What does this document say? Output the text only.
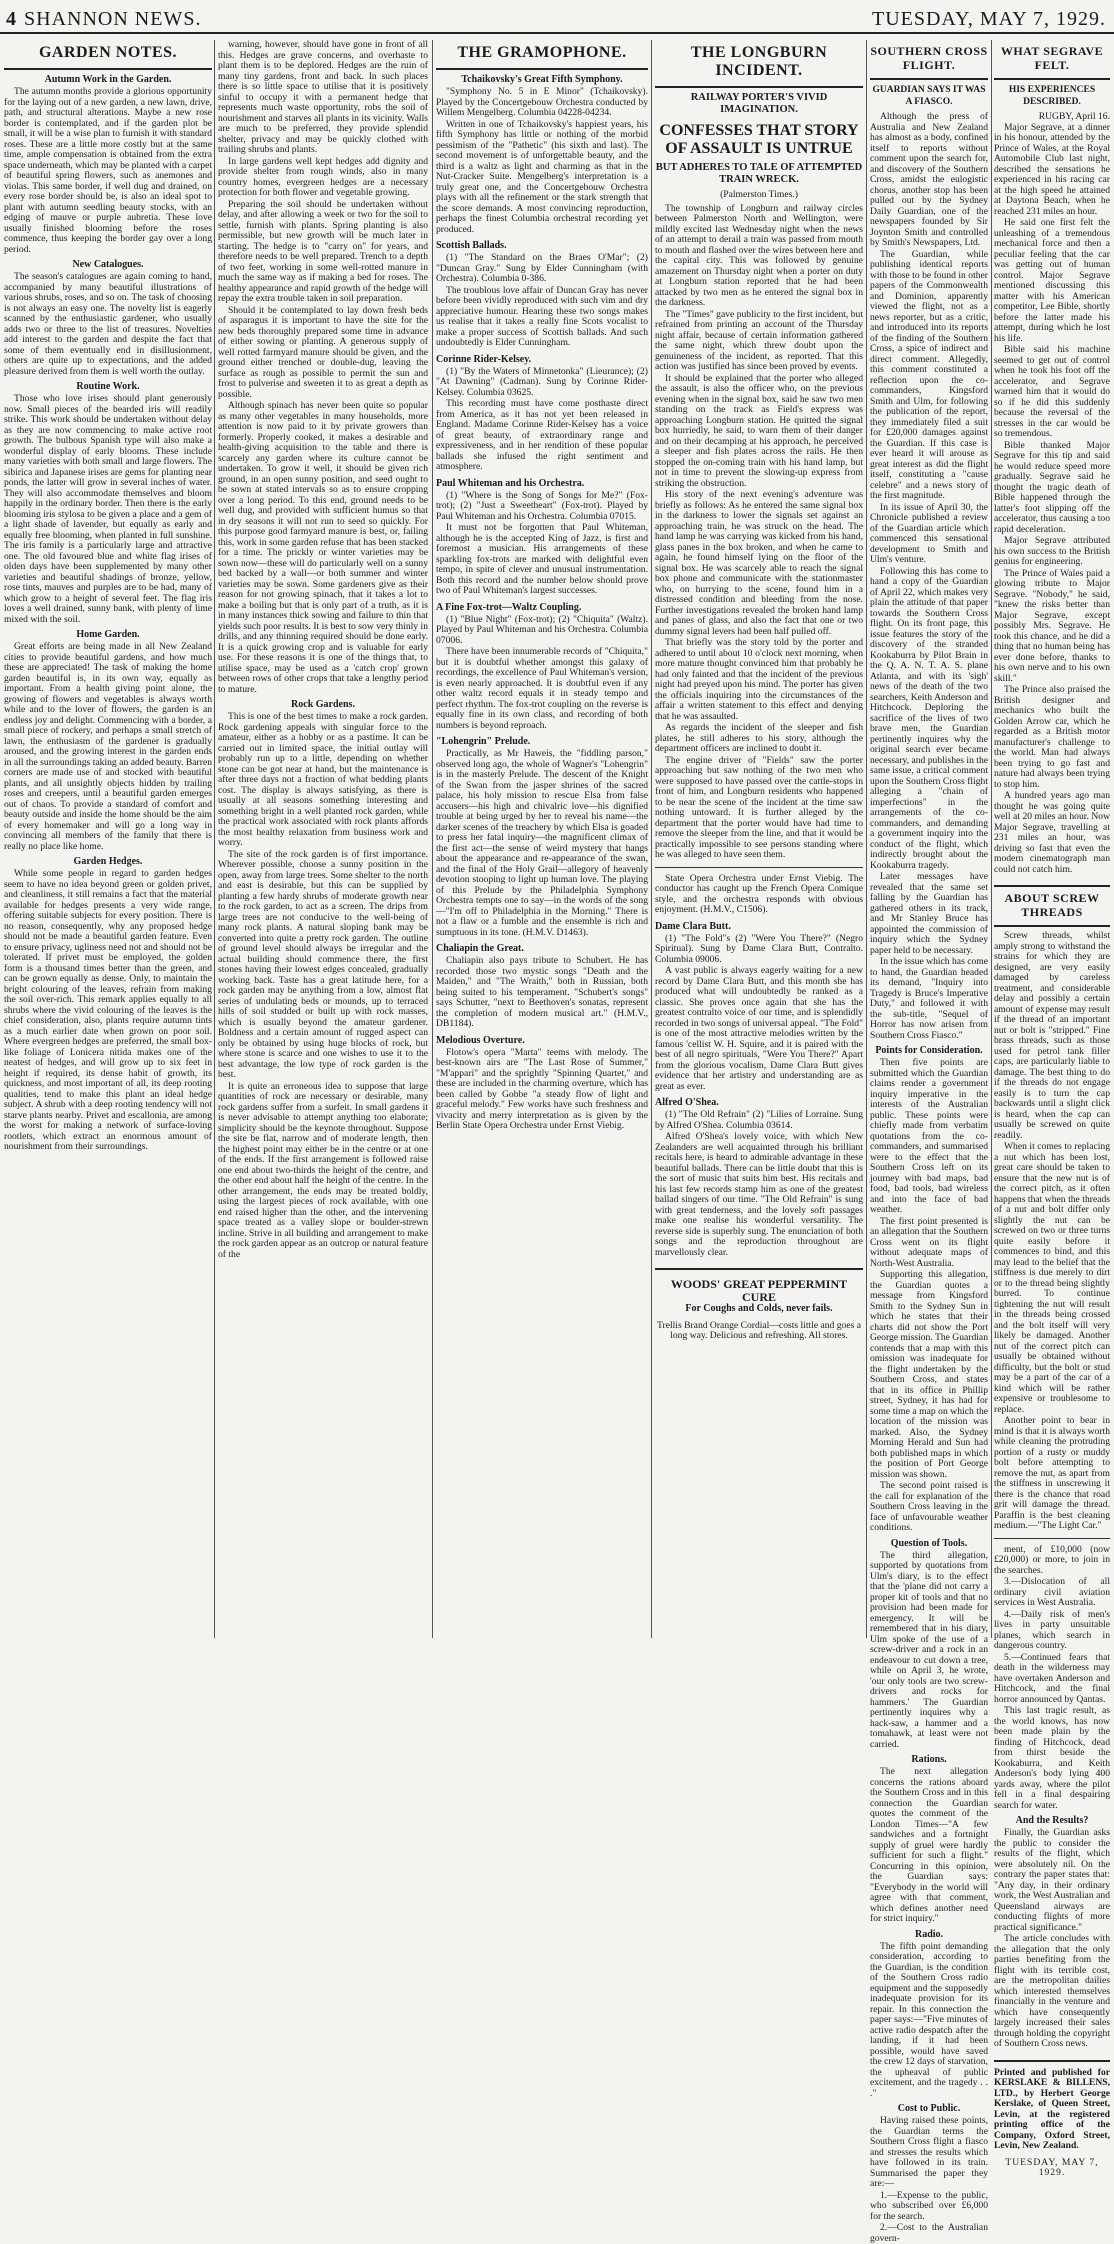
4 SHANNON NEWS.	TUESDAY, MAY 7, 1929.
GARDEN NOTES.
Autumn Work in the Garden.

The autumn months provide a glorious opportunity for the laying out of a new garden, a new lawn, drive, path, and structural alterations. Maybe a new rose border is contemplated, and if the garden plot be small, it will be a wise plan to furnish it with standard roses. These are a little more costly but at the same time, ample compensation is obtained from the extra space underneath, which may be planted with a carpet of beautiful spring flowers, such as anemones and violas. This same border, if well dug and drained, on every rose border should be, is also an ideal spot to plant with autumn seedling beauty stocks, with an edging of mauve or purple aubretia. These love usually finished blooming before the roses commence, thus keeping the border gay over a long period.

New Catalogues.

The season's catalogues are again coming to hand, accompanied by many beautiful illustrations of various shrubs, roses, and so on. The task of choosing is not always an easy one. The novelty list is eagerly scanned by the enthusiastic gardener, who usually adds two or three to the list of treasures. Novelties add interest to the garden and despite the fact that some of them eventually end in disillusionment, others are quite up to expectations, and the added pleasure derived from them is well worth the outlay.

Routine Work.

Those who love irises should plant generously now. Small pieces of the bearded iris will readily strike. This work should be undertaken without delay as they are now commencing to make active root growth. The bulbous Spanish type will also make a wonderful display of early blooms. These include many varieties with both small and large flowers. The sibirica and Japanese irises are gems for planting near ponds, the latter will grow in several inches of water. They will also accommodate themselves and bloom happily in the ordinary border. Then there is the early blooming iris stylosa to be given a place and a gem of a light shade of lavender, but equally as early and equally free blooming, when planted in full sunshine. The iris family is a particularly large and attractive one. The old favoured blue and white flag irises of olden days have been supplemented by many other varieties and beautiful shadings of bronze, yellow, rose tints, mauves and purples are to be had, many of which grow to a height of several feet. The flag iris loves a well drained, sunny bank, with plenty of lime mixed with the soil.

Home Garden.

Great efforts are being made in all New Zealand cities to provide beautiful gardens, and how much these are appreciated! The task of making the home garden beautiful is, in its own way, equally as important. From a health giving point alone, the growing of flowers and vegetables is always worth while and to the lover of flowers, the garden is an endless joy and delight. Commencing with a border, a small piece of rockery, and perhaps a small stretch of lawn, the enthusiasm of the gardener is gradually aroused, and the growing interest in the garden ends in all the surroundings taking an added beauty. Barren corners are made use of and stocked with beautiful plants, and all unsightly objects hidden by trailing roses and creepers, until a beautiful garden emerges out of chaos. To provide a standard of comfort and beauty outside and inside the home should be the aim of every homemaker and will go a long way in convincing all members of the family that there is really no place like home.

Garden Hedges.

While some people in regard to garden hedges seem to have no idea beyond green or golden privet, and cleanliness, it still remains a fact that the material available for hedges presents a very wide range, offering suitable subjects for every position. There is no reason, consequently, why any proposed hedge should not be made a beautiful garden feature. Even to ensure privacy, ugliness need not and should not be tolerated. If privet must be employed, the golden form is a thousand times better than the green, and can be grown equally as dense. Only, to maintain the bright colouring of the leaves, refrain from making the soil over-rich. This remark applies equally to all shrubs where the vivid colouring of the leaves is the chief consideration, also, plants require autumn tints as a much earlier date when grown on poor soil. Where evergreen hedges are preferred, the small box-like foliage of Lonicera nitida makes one of the neatest of hedges, and will grow up to six feet in height if required, its dense habit of growth, its quickness, and most important of all, its deep rooting qualities, tend to make this plant an ideal hedge subject. A shrub with a deep rooting tendency will not starve plants nearby. Privet and escallonia, are among the worst for making a network of surface-loving rootlets, which extract an enormous amount of nourishment from their surroundings.

warning, however, should have gone in front of all this. Hedges are grave concerns, and overhaste to plant them is to be deplored. Hedges are the ruin of many tiny gardens, front and back. In such places there is so little space to utilise that it is positively sinful to occupy it with a permanent hedge that represents much waste opportunity, robs the soil of nourishment and starves all plants in its vicinity. Walls are much to be preferred, they provide splendid shelter, privacy and may be quickly clothed with trailing shrubs and plants.

In large gardens well kept hedges add dignity and provide shelter from rough winds, also in many country homes, evergreen hedges are a necessary protection for both flower and vegetable growing.

Preparing the soil should be undertaken without delay, and after allowing a week or two for the soil to settle, furnish with plants. Spring planting is also permissible, but new growth will be much later in starting. The hedge is to "carry on" for years, and therefore needs to be well prepared. Trench to a depth of two feet, working in some well-rotted manure in much the same way as if making a bed for roses. The healthy appearance and rapid growth of the hedge will repay the extra trouble taken in soil preparation.

Should it be contemplated to lay down fresh beds of asparagus it is important to have the site for the new beds thoroughly prepared some time in advance of either sowing or planting. A generous supply of well rotted farmyard manure should be given, and the ground either trenched or double-dug, leaving the surface as rough as possible to permit the sun and frost to pulverise and sweeten it to as great a depth as possible.

Although spinach has never been quite so popular as many other vegetables in many households, more attention is now paid to it by private growers than formerly. Properly cooked, it makes a desirable and health-giving acquisition to the table and there is scarcely any garden where its culture cannot be undertaken. To grow it well, it should be given rich ground, in an open sunny position, and seed ought to be sown at stated intervals so as to ensure cropping over a long period. To this end, ground needs to be well dug, and provided with sufficient humus so that in dry seasons it will not run to seed so quickly. For this purpose good farmyard manure is best, or, failing this, work in some garden refuse that has been stacked for a time. The prickly or winter varieties may be sown now—these will do particularly well on a sunny bed backed by a wall—or both summer and winter varieties may be sown. Some gardeners give as their reason for not growing spinach, that it takes a lot to make a boiling but that is only part of a truth, as it is in many instances thick sowing and failure to thin that yields such poor results. It is best to sow very thinly in drills, and any thinning required should be done early. It is a quick growing crop and is valuable for early use. For these reasons it is one of the things that, to utilise space, may be used as a 'catch crop' grown between rows of other crops that take a lengthy period to mature.

Rock Gardens.

This is one of the best times to make a rock garden. Rock gardening appeals with singular force to the amateur, either as a hobby or as a pastime. It can be carried out in limited space, the initial outlay will probably run up to a little, depending on whether stone can be got near at hand, but the maintenance is after three days not a fraction of what bedding plants cost. The display is always satisfying, as there is usually at all seasons something interesting and something bright in a well planted rock garden, while the practical work associated with rock plants affords the most healthy relaxation from business work and worry.

The site of the rock garden is of first importance. Wherever possible, choose a sunny position in the open, away from large trees. Some shelter to the north and east is desirable, but this can be supplied by planting a few hardy shrubs of moderate growth near to the rock garden, to act as a screen. The drips from large trees are not conducive to the well-being of many rock plants. A natural sloping bank may be converted into quite a pretty rock garden. The outline of ground level should always be irregular and the actual building should commence there, the first stones having their lowest edges concealed, gradually working back. Taste has a great latitude here, for a rock garden may be anything from a low, almost flat series of undulating beds or mounds, up to terraced hills of soil studded or built up with rock masses, which is usually beyond the amateur gardener. Boldness and a certain amount of rugged aspect can only be obtained by using huge blocks of rock, but where stone is scarce and one wishes to use it to the best advantage, the low type of rock garden is the best.

It is quite an erroneous idea to suppose that large quantities of rock are necessary or desirable, many rock gardens suffer from a surfeit. In small gardens it is never advisable to attempt anything too elaborate; simplicity should be the keynote throughout. Suppose the site be flat, narrow and of moderate length, then the highest point may either be in the centre or at one of the ends. If the first arrangement is followed raise one end about two-thirds the height of the centre, and the other end about half the height of the centre. In the other arrangement, the ends may be treated boldly, using the largest pieces of rock available, with one end raised higher than the other, and the intervening space treated as a valley slope or boulder-strewn incline. Strive in all building and arrangement to make the rock garden appear as an outcrop or natural feature of the

THE GRAMOPHONE.
Tchaikovsky's Great Fifth Symphony.

"Symphony No. 5 in E Minor" (Tchaikovsky). Played by the Concertgebouw Orchestra conducted by Willem Mengelberg. Columbia 04228-04234.

Written in one of Tchaikovsky's happiest years, his fifth Symphony has little or nothing of the morbid pessimism of the "Pathetic" (his sixth and last). The second movement is of unforgettable beauty, and the third is a waltz as light and charming as that in the Nut-Cracker Suite. Mengelberg's interpretation is a truly great one, and the Concertgebouw Orchestra plays with all the refinement or the stark strength that the score demands. A most convincing reproduction, perhaps the finest Columbia orchestral recording yet produced.

Scottish Ballads.

(1) "The Standard on the Braes O'Mar"; (2) "Duncan Gray." Sung by Elder Cunningham (with Orchestra). Columbia 0-386.

The troublous love affair of Duncan Gray has never before been vividly reproduced with such vim and dry appreciative humour. Hearing these two songs makes us realise that it takes a really fine Scots vocalist to make a proper success of Scottish ballads. And such undoubtedly is Elder Cunningham.

Corinne Rider-Kelsey.

(1) "By the Waters of Minnetonka" (Lieurance); (2) "At Dawning" (Cadman). Sung by Corinne Rider-Kelsey. Columbia 03625.

This recording must have come posthaste direct from America, as it has not yet been released in England. Madame Corinne Rider-Kelsey has a voice of great beauty, of extraordinary range and expressiveness, and in her rendition of these popular ballads she infused the right sentiment and atmosphere.

Paul Whiteman and his Orchestra.

(1) "Where is the Song of Songs for Me?" (Fox-trot); (2) "Just a Sweetheart" (Fox-trot). Played by Paul Whiteman and his Orchestra. Columbia 07015.

It must not be forgotten that Paul Whiteman, although he is the accepted King of Jazz, is first and foremost a musician. His arrangements of these sparkling fox-trots are marked with delightful even tempo, in spite of clever and unusual instrumentation. Both this record and the number below should prove two of Paul Whiteman's largest successes.

A Fine Fox-trot—Waltz Coupling.

(1) "Blue Night" (Fox-trot); (2) "Chiquita" (Waltz). Played by Paul Whiteman and his Orchestra. Columbia 07006.

There have been innumerable records of "Chiquita," but it is doubtful whether amongst this galaxy of recordings, the excellence of Paul Whiteman's version, is even nearly approached. It is doubtful even if any other waltz record equals it in steady tempo and perfect rhythm. The fox-trot coupling on the reverse is equally fine in its own class, and recording of both numbers is beyond reproach.

"Lohengrin" Prelude.

Practically, as Mr Haweis, the "fiddling parson," observed long ago, the whole of Wagner's "Lohengrin" is in the masterly Prelude. The descent of the Knight of the Swan from the jasper shrines of the sacred palace, his holy mission to rescue Elsa from false accusers—his high and chivalric love—his dignified trouble at being urged by her to reveal his name—the darker scenes of the treachery by which Elsa is goaded to press her fatal inquiry—the magnificent climax of the first act—the sense of weird mystery that hangs about the appearance and re-appearance of the swan, and the final of the Holy Grail—allegory of heavenly devotion stooping to light up human love. The playing of this Prelude by the Philadelphia Symphony Orchestra tempts one to say—in the words of the song—"I'm off to Philadelphia in the Morning." There is not a flaw or a fumble and the ensemble is rich and sumptuous in its tone. (H.M.V. D1463).

Chaliapin the Great.

Chaliapin also pays tribute to Schubert. He has recorded those two mystic songs "Death and the Maiden," and "The Wraith," both in Russian, both being suited to his temperament. "Schubert's songs" says Schutter, "next to Beethoven's sonatas, represent the completion of modern musical art." (H.M.V., DB1184).

Melodious Overture.

Flotow's opera "Marta" teems with melody. The best-known airs are "The Last Rose of Summer," "M'appari" and the sprightly "Spinning Quartet," and these are included in the charming overture, which has been called by Gobbe "a steady flow of light and graceful melody." Few works have such freshness and vivacity and merry interpretation as is given by the Berlin State Opera Orchestra under Ernst Viebig.

THE LONGBURN INCIDENT.
RAILWAY PORTER'S VIVID IMAGINATION.
CONFESSES THAT STORY OF ASSAULT IS UNTRUE
BUT ADHERES TO TALE OF ATTEMPTED TRAIN WRECK.
(Palmerston Times.)

The township of Longburn and railway circles between Palmerston North and Wellington, were mildly excited last Wednesday night when the news of an attempt to derail a train was passed from mouth to mouth and flashed over the wires between here and the capital city. This was followed by genuine amazement on Thursday night when a porter on duty at Longburn station reported that he had been attacked by two men as he entered the signal box in the darkness.

The "Times" gave publicity to the first incident, but refrained from printing an account of the Thursday night affair, because of certain information gathered the same night, which threw doubt upon the genuineness of the incident, as reported. That this action was justified has since been proved by events.

It should be explained that the porter who alleged the assault, is also the officer who, on the previous evening when in the signal box, said he saw two men standing on the track as Field's express was approaching Longburn station. He quitted the signal box hurriedly, he said, to warn them of their danger and on their decamping at his approach, he perceived a sleeper and fish plates across the rails. He then stopped the on-coming train with his hand lamp, but not in time to prevent the slowing-up express from striking the obstruction.

His story of the next evening's adventure was briefly as follows: As he entered the same signal box in the darkness to lower the signals set against an approaching train, he was struck on the head. The hand lamp he was carrying was kicked from his hand, glass panes in the box broken, and when he came to again, he found himself lying on the floor of the signal box. He was scarcely able to reach the signal box phone and communicate with the stationmaster who, on hurrying to the scene, found him in a distressed condition and bleeding from the nose. Further investigations revealed the broken hand lamp and panes of glass, and also the fact that one or two dummy signal levers had been half pulled off.

That briefly was the story told by the porter and adhered to until about 10 o'clock next morning, when more mature thought convinced him that probably he had only fainted and that the incident of the previous night had preyed upon his mind. The porter has given the officials inquiring into the circumstances of the affair a written statement to this effect and denying that he was assaulted.

As regards the incident of the sleeper and fish plates, he still adheres to his story, although the department officers are inclined to doubt it.

The engine driver of "Fields" saw the porter approaching but saw nothing of the two men who were supposed to have passed over the cattle-stops in front of him, and Longburn residents who happened to be near the scene of the incident at the time saw nothing untoward. It is further alleged by the department that the porter would have had time to remove the sleeper from the line, and that it would be practically impossible to see persons standing where he was alleged to have seen them.

State Opera Orchestra under Ernst Viebig. The conductor has caught up the French Opera Comique style, and the orchestra responds with obvious enjoyment. (H.M.V., C1506).

Dame Clara Butt.

(1) "The Fold"s (2) "Were You There?" (Negro Spiritual). Sung by Dame Clara Butt, Contralto. Columbia 09006.

A vast public is always eagerly waiting for a new record by Dame Clara Butt, and this month she has produced what will undoubtedly be ranked as a classic. She proves once again that she has the greatest contralto voice of our time, and is splendidly recorded in two songs of universal appeal. "The Fold" is one of the most attractive melodies written by the famous 'cellist W. H. Squire, and it is paired with the best of all negro spirituals, "Were You There?" Apart from the glorious vocalism, Dame Clara Butt gives evidence that her artistry and understanding are as great as ever.

Alfred O'Shea.

(1) "The Old Refrain" (2) "Lilies of Lorraine. Sung by Alfred O'Shea. Columbia 03614.

Alfred O'Shea's lovely voice, with which New Zealanders are well acquainted through his brilliant recitals here, is heard to admirable advantage in these beautiful ballads. There can be little doubt that this is the sort of music that suits him best. His recitals and his last few records stamp him as one of the greatest ballad singers of our time. "The Old Refrain" is sung with great tenderness, and the lovely soft passages make one realise his wonderful versatility. The reverse side is superbly sung. The enunciation of both songs and the reproduction throughout are marvellously clear.

WOODS' GREAT PEPPERMINT CURE
For Coughs and Colds, never fails.
Trellis Brand Orange Cordial—costs little and goes a long way. Delicious and refreshing. All stores.
SOUTHERN CROSS FLIGHT.
GUARDIAN SAYS IT WAS A FIASCO.

Although the press of Australia and New Zealand has almost as a body, confined itself to reports without comment upon the search for, and discovery of the Southern Cross, amidst the eulogistic chorus, another stop has been pulled out by the Sydney Daily Guardian, one of the newspapers founded by Sir Joynton Smith and controlled by Smith's Newspapers, Ltd.

The Guardian, while publishing identical reports with those to be found in other papers of the Commonwealth and Dominion, apparently viewed the flight, not as a news reporter, but as a critic, and introduced into its reports of the finding of the Southern Cross, a spice of indirect and direct comment. Allegedly, this comment constituted a reflection upon the co-commanders, Kingsford Smith and Ulm, for following the publication of the report, they immediately filed a suit for £20,000 damages against the Guardian. If this case is ever heard it will arouse as great interest as did the flight itself, constituting a "cause celebre" and a news story of the first magnitude.

In its issue of April 30, the Chronicle published a review of the Guardian article which commenced this sensational development to Smith and Ulm's venture.

Following this has come to hand a copy of the Guardian of April 22, which makes very plain the attitude of that paper towards the Southern Cross flight. On its front page, this issue features the story of the discovery of the stranded Kookaburra by Pilot Brain in the Q. A. N. T. A. S. plane Atlanta, and with its 'sigh' news of the death of the two searchers, Keith Anderson and Hitchcock. Deploring the sacrifice of the lives of two brave men, the Guardian pertinently inquires why the original search ever became necessary, and publishes in the same issue, a critical comment upon the Southern Cross flight alleging a "chain of imperfections" in the arrangements of the co-commanders, and demanding a government inquiry into the conduct of the flight, which indirectly brought about the Kookaburra tragedy.

Later messages have revealed that the same set falling by the Guardian has gathered others in its track, and Mr Stanley Bruce has appointed the commission of inquiry which the Sydney paper held to be necessary.

In the issue which has come to hand, the Guardian headed its demand, "Inquiry into Tragedy is Bruce's Imperative Duty," and followed it with the sub-title, "Sequel of Horror has now arisen from Southern Cross Fiasco."

Points for Consideration.

Then five points are submitted which the Guardian claims render a government inquiry imperative in the interests of the Australian public. These points were chiefly made from verbatim quotations from the co-commanders, and summarised were to the effect that the Southern Cross left on its journey with bad maps, bad food, bad tools, bad wireless and into the face of bad weather.

The first point presented is an allegation that the Southern Cross went on its flight without adequate maps of North-West Australia.

Supporting this allegation, the Guardian quotes a message from Kingsford Smith to the Sydney Sun in which he states that their charts did not show the Port George mission. The Guardian contends that a map with this omission was inadequate for the flight undertaken by the Southern Cross, and states that in its office in Phillip street, Sydney, it has had for some time a map on which the location of the mission was marked. Also, the Sydney Morning Herald and Sun had both published maps in which the position of Port George mission was shown.

The second point raised is the call for explanation of the Southern Cross leaving in the face of unfavourable weather conditions.

Question of Tools.

The third allegation, supported by quotations from Ulm's diary, is to the effect that the 'plane did not carry a proper kit of tools and that no provision had been made for emergency. It will be remembered that in his diary, Ulm spoke of the use of a screw-driver and a rock in an endeavour to cut down a tree, while on April 3, he wrote, 'our only tools are two screw-drivers and rocks for hammers.' The Guardian pertinently inquires why a hack-saw, a hammer and a tomahawk, at least were not carried.

Rations.

The next allegation concerns the rations aboard the Southern Cross and in this connection the Guardian quotes the comment of the London Times—"A few sandwiches and a fortnight supply of gruel were hardly sufficient for such a flight." Concurring in this opinion, the Guardian says: "Everybody in the world will agree with that comment, which defines another need for strict inquiry."

Radio.

The fifth point demanding consideration, according to the Guardian, is the condition of the Southern Cross radio equipment and the supposedly inadequate provision for its repair. In this connection the paper says:—"Five minutes of active radio despatch after the landing, if it had been possible, would have saved the crew 12 days of starvation, the upheaval of public excitement, and the tragedy . . ."

Cost to Public.

Having raised these points, the Guardian terms the Southern Cross flight a fiasco and stresses the results which have followed in its train. Summarised the paper they are:—

1.—Expense to the public, who subscribed over £6,000 for the search.

2.—Cost to the Australian govern-

WHAT SEGRAVE FELT.
HIS EXPERIENCES DESCRIBED.
RUGBY, April 16.

Major Segrave, at a dinner in his honour, attended by the Prince of Wales, at the Royal Automobile Club last night, described the sensations he experienced in his racing car at the high speed he attained at Daytona Beach, when he reached 231 miles an hour.

He said one first felt the unleashing of a tremendous mechanical force and then a peculiar feeling that the car was getting out of human control. Major Segrave mentioned discussing this matter with his American competitor, Lee Bible, shortly before the latter made his attempt, during which he lost his life.

Bible said his machine seemed to get out of control when he took his foot off the accelerator, and Segrave warned him that it would do so if he did this suddenly because the reversal of the stresses in the car would be so tremendous.

Bible thanked Major Segrave for this tip and said he would reduce speed more gradually. Segrave said he thought the tragic death of Bible happened through the latter's foot slipping off the accelerator, thus causing a too rapid deceleration.

Major Segrave attributed his own success to the British genius for engineering.

The Prince of Wales paid a glowing tribute to Major Segrave. "Nobody," he said, "knew the risks better than Major Segrave, except possibly Mrs. Segrave. He took this chance, and he did a thing that no human being has ever done before, thanks to his own nerve and to his own skill."

The Prince also praised the British designer and mechanics who built the Golden Arrow car, which he regarded as a British motor manufacturer's challenge to the world. Man had always been trying to go fast and nature had always been trying to stop him.

A hundred years ago man thought he was going quite well at 20 miles an hour. Now Major Segrave, travelling at 231 miles an hour, was driving so fast that even the modern cinematograph man could not catch him.

ABOUT SCREW THREADS

Screw threads, whilst amply strong to withstand the strains for which they are designed, are very easily damaged by careless treatment, and considerable delay and possibly a certain amount of expense may result if the thread of an important nut or bolt is "stripped." Fine brass threads, such as those used for petrol tank filler caps, are particularly liable to damage. The best thing to do if the threads do not engage easily is to turn the cap backwards until a slight click is heard, when the cap can usually be screwed on quite readily.

When it comes to replacing a nut which has been lost, great care should be taken to ensure that the new nut is of the correct pitch, as it often happens that when the threads of a nut and bolt differ only slightly the nut can be screwed on two or three turns quite easily before it commences to bind, and this may lead to the belief that the stiffness is due merely to dirt or to the thread being slightly burred. To continue tightening the nut will result in the threads being crossed and the bolt itself will very likely be damaged. Another nut of the correct pitch can usually be obtained without difficulty, but the bolt or stud may be a part of the car of a kind which will be rather expensive or troublesome to replace.

Another point to bear in mind is that it is always worth while cleaning the protruding portion of a rusty or muddy bolt before attempting to remove the nut, as apart from the stiffness in unscrewing it there is the chance that road grit will damage the thread. Paraffin is the best cleaning medium.—"The Light Car."

ment, of £10,000 (now £20,000) or more, to join in the searches.

3.—Dislocation of all ordinary civil aviation services in West Australia.

4.—Daily risk of men's lives in party unsuitable planes, which search in dangerous country.

5.—Continued fears that death in the wilderness may have overtaken Anderson and Hitchcock, and the final horror announced by Qantas.

This last tragic result, as the world knows, has now been made plain by the finding of Hitchcock, dead from thirst beside the Kookaburra, and Keith Anderson's body lying 400 yards away, where the pilot fell in a final despairing search for water.

And the Results?

Finally, the Guardian asks the public to consider the results of the flight, which were absolutely nil. On the contrary the paper states that: "Any day, in their ordinary work, the West Australian and Queensland airways are conducting flights of more practical significance."

The article concludes with the allegation that the only parties benefiting from the flight with its terrible cost, are the metropolitan dailies which interested themselves financially in the venture and which have consequently largely increased their sales through holding the copyright of Southern Cross news.

Printed and published for KERSLAKE & BILLENS, LTD., by Herbert George Kerslake, of Queen Street, Levin, at the registered printing office of the Company, Oxford Street, Levin, New Zealand.
TUESDAY, MAY 7, 1929.
